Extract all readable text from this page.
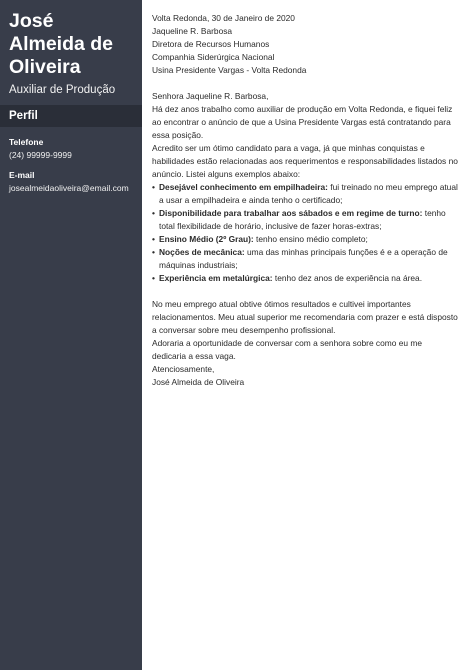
José
Almeida de
Oliveira
Auxiliar de Produção
Perfil
Telefone
(24) 99999-9999
E-mail
josealmeidaoliveira@email.com

Volta Redonda, 30 de Janeiro de 2020

Jaqueline R. Barbosa

Diretora de Recursos Humanos

Companhia Siderúrgica Nacional

Usina Presidente Vargas - Volta Redonda

Senhora Jaqueline R. Barbosa,

Há dez anos trabalho como auxiliar de produção em Volta Redonda, e fiquei feliz ao encontrar o anúncio de que a Usina Presidente Vargas está contratando para essa posição.

Acredito ser um ótimo candidato para a vaga, já que minhas conquistas e habilidades estão relacionadas aos requerimentos e responsabilidades listados no anúncio. Listei alguns exemplos abaixo:

• Desejável conhecimento em empilhadeira: fui treinado no meu emprego atual a usar a empilhadeira e ainda tenho o certificado;
• Disponibilidade para trabalhar aos sábados e em regime de turno: tenho total flexibilidade de horário, inclusive de fazer horas-extras;
• Ensino Médio (2º Grau): tenho ensino médio completo;
• Noções de mecânica: uma das minhas principais funções é e a operação de máquinas industriais;
• Experiência em metalúrgica: tenho dez anos de experiência na área.

No meu emprego atual obtive ótimos resultados e cultivei importantes relacionamentos. Meu atual superior me recomendaria com prazer e está disposto a conversar sobre meu desempenho profissional.

Adoraria a oportunidade de conversar com a senhora sobre como eu me dedicaria a essa vaga.

Atenciosamente,

José Almeida de Oliveira
